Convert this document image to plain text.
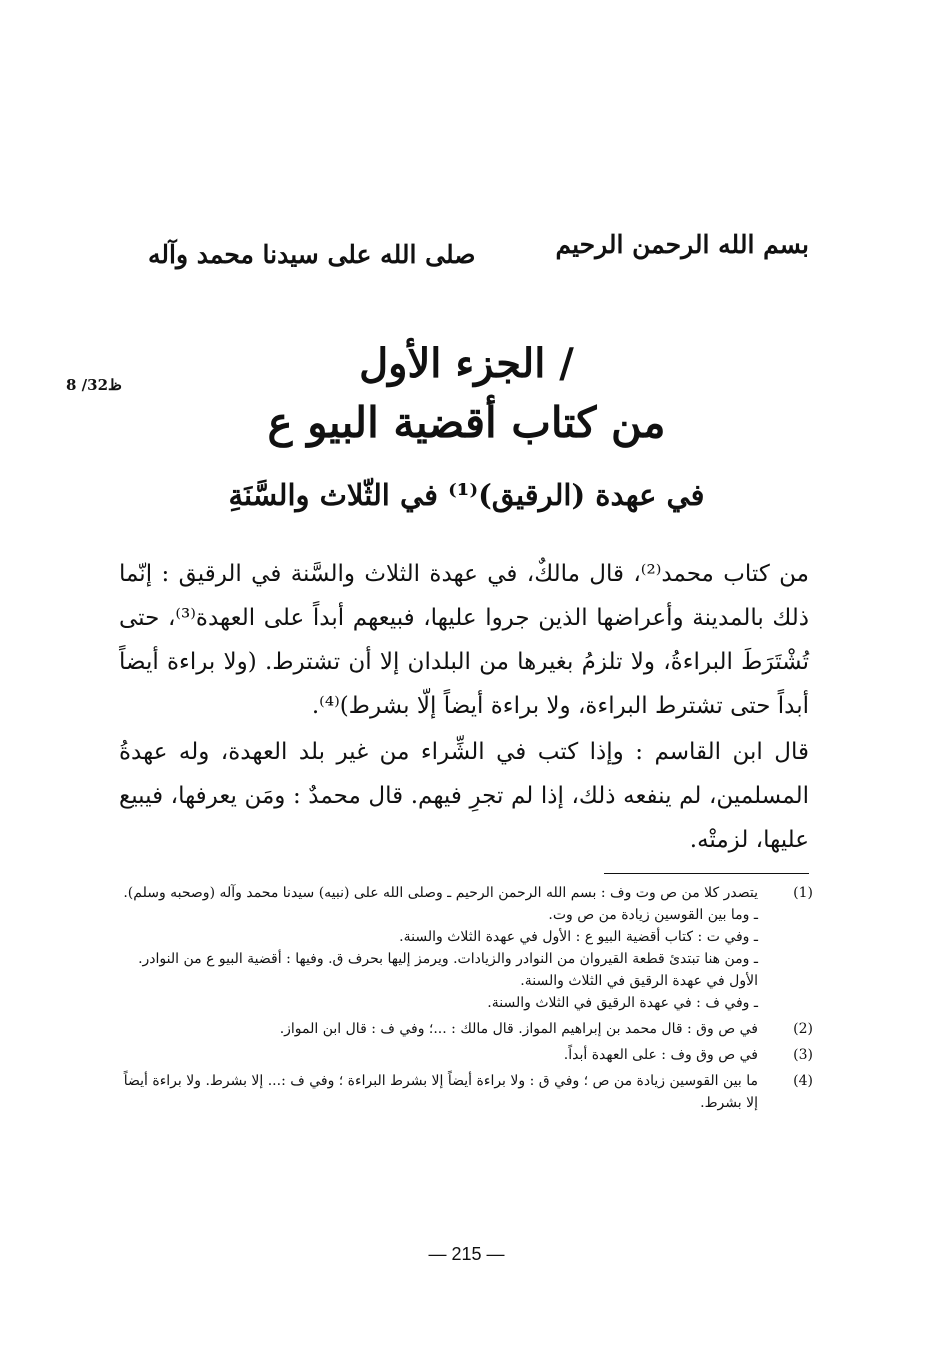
بسم الله الرحمن الرحيم
صلى الله على سيدنا محمد وآله
/ الجزء الأول
من كتاب أقضية البيو ع
8 /32ظ
في عهدة (الرقيق)⁽¹⁾ في الثّلاث والسَّنَةِ
من كتاب محمد⁽²⁾، قال مالكٌ، في عهدة الثلاث والسَّنة في الرقيق : إنّما ذلك بالمدينة وأعراضها الذين جروا عليها، فبيعهم أبداً على العهدة⁽³⁾، حتى تُشْتَرَطَ البراءةُ، ولا تلزمُ بغيرها من البلدان إلا أن تشترط. (ولا براءة أيضاً أبداً حتى تشترط البراءة، ولا براءة أيضاً إلّا بشرط)⁽⁴⁾.
قال ابن القاسم : وإذا كتب في الشِّراء من غير بلد العهدة، وله عهدةُ المسلمين، لم ينفعه ذلك، إذا لم تجرِ فيهم. قال محمدٌ : ومَن يعرفها، فيبيع عليها، لزمتْه.
(1)
يتصدر كلا من ص وت وف : بسم الله الرحمن الرحيم ـ وصلى الله على (نبيه) سيدنا محمد وآله (وصحبه وسلم).
ـ وما بين القوسين زيادة من ص وت.
ـ وفي ت : كتاب أقضية البيو ع : الأول في عهدة الثلاث والسنة.
ـ ومن هنا تبتدئ قطعة القيروان من النوادر والزيادات. ويرمز إليها بحرف ق. وفيها : أقضية البيو ع من النوادر. الأول في عهدة الرقيق في الثلاث والسنة.
ـ وفي ف : في عهدة الرقيق في الثلاث والسنة.
(2)
في ص وق : قال محمد بن إبراهيم المواز. قال مالك : ...؛ وفي ف : قال ابن المواز.
(3)
في ص وق وف : على العهدة أبداً.
(4)
ما بين القوسين زيادة من ص ؛ وفي ق : ولا براءة أيضاً إلا بشرط البراءة ؛ وفي ف :... إلا بشرط. ولا براءة أيضاً إلا بشرط.
— 215 —
